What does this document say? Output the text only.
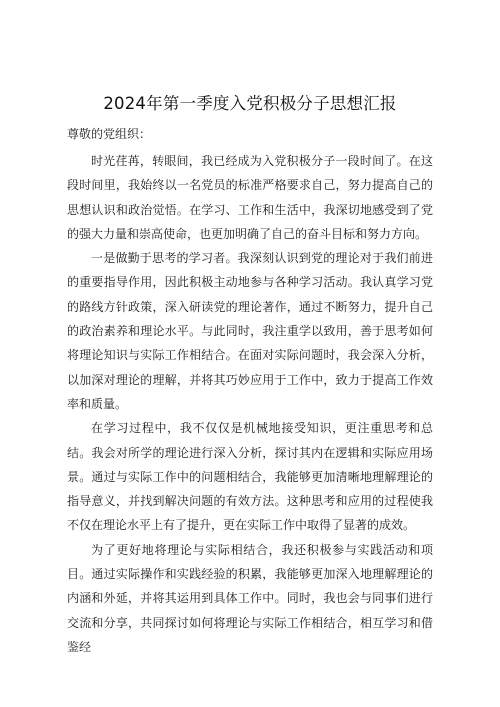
2024年第一季度入党积极分子思想汇报
尊敬的党组织：

时光荏苒，转眼间，我已经成为入党积极分子一段时间了。在这段时间里，我始终以一名党员的标准严格要求自己，努力提高自己的思想认识和政治觉悟。在学习、工作和生活中，我深切地感受到了党的强大力量和崇高使命，也更加明确了自己的奋斗目标和努力方向。

一是做勤于思考的学习者。我深刻认识到党的理论对于我们前进的重要指导作用，因此积极主动地参与各种学习活动。我认真学习党的路线方针政策，深入研读党的理论著作，通过不断努力，提升自己的政治素养和理论水平。与此同时，我注重学以致用，善于思考如何将理论知识与实际工作相结合。在面对实际问题时，我会深入分析，以加深对理论的理解，并将其巧妙应用于工作中，致力于提高工作效率和质量。

在学习过程中，我不仅仅是机械地接受知识，更注重思考和总结。我会对所学的理论进行深入分析，探讨其内在逻辑和实际应用场景。通过与实际工作中的问题相结合，我能够更加清晰地理解理论的指导意义，并找到解决问题的有效方法。这种思考和应用的过程使我不仅在理论水平上有了提升，更在实际工作中取得了显著的成效。

为了更好地将理论与实际相结合，我还积极参与实践活动和项目。通过实际操作和实践经验的积累，我能够更加深入地理解理论的内涵和外延，并将其运用到具体工作中。同时，我也会与同事们进行交流和分享，共同探讨如何将理论与实际工作相结合，相互学习和借鉴经
